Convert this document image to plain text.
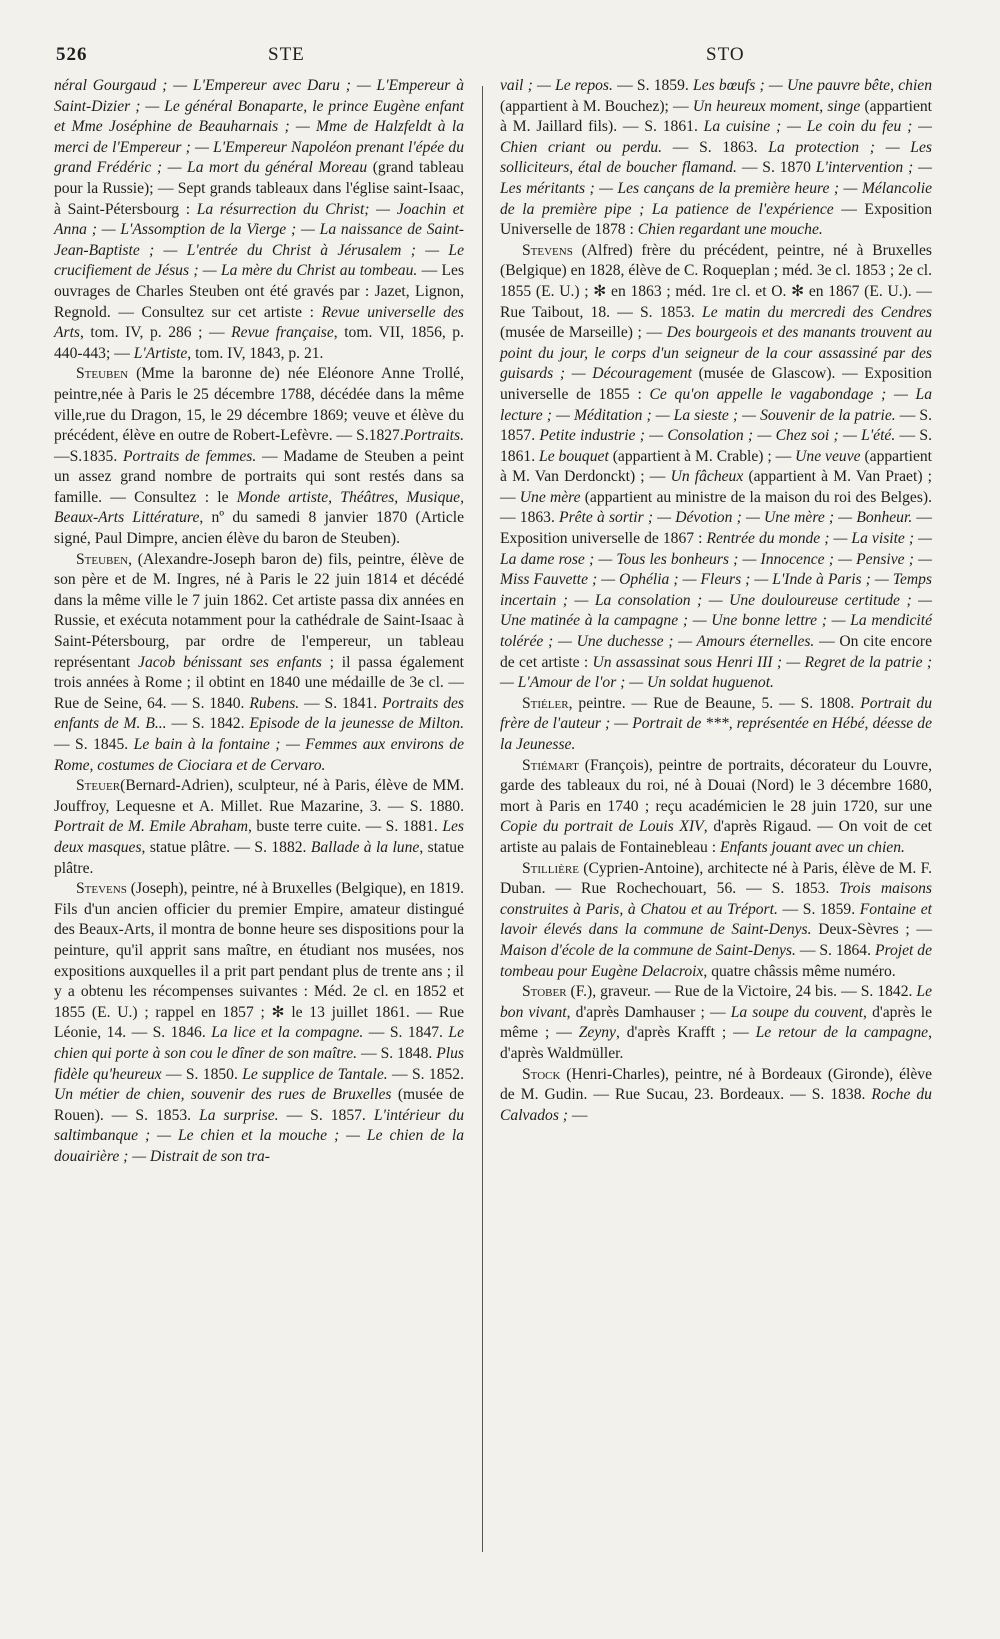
526	STE	STO

néral Gourgaud ; — L'Empereur avec Daru ; — L'Empereur à Saint-Dizier ; — Le général Bonaparte, le prince Eugène enfant et Mme Joséphine de Beauharnais ; — Mme de Halzfeldt à la merci de l'Empereur ; — L'Empereur Napoléon prenant l'épée du grand Frédéric ; — La mort du général Moreau (grand tableau pour la Russie); — Sept grands tableaux dans l'église saint-Isaac, à Saint-Pétersbourg : La résurrection du Christ; — Joachin et Anna ; — L'Assomption de la Vierge ; — La naissance de Saint-Jean-Baptiste ; — L'entrée du Christ à Jérusalem ; — Le crucifiement de Jésus ; — La mère du Christ au tombeau. — Les ouvrages de Charles Steuben ont été gravés par : Jazet, Lignon, Regnold. — Consultez sur cet artiste : Revue universelle des Arts, tom. IV, p. 286 ; — Revue française, tom. VII, 1856, p. 440-443; — L'Artiste, tom. IV, 1843, p. 21.

Steuben (Mme la baronne de) née Eléonore Anne Trollé, peintre,née à Paris le 25 décembre 1788, décédée dans la même ville,rue du Dragon, 15, le 29 décembre 1869; veuve et élève du précédent, élève en outre de Robert-Lefèvre. — S.1827.Portraits. —S.1835. Portraits de femmes. — Madame de Steuben a peint un assez grand nombre de portraits qui sont restés dans sa famille. — Consultez : le Monde artiste, Théâtres, Musique, Beaux-Arts Littérature, nº du samedi 8 janvier 1870 (Article signé, Paul Dimpre, ancien élève du baron de Steuben).

Steuben, (Alexandre-Joseph baron de) fils, peintre, élève de son père et de M. Ingres, né à Paris le 22 juin 1814 et décédé dans la même ville le 7 juin 1862. Cet artiste passa dix années en Russie, et exécuta notamment pour la cathédrale de Saint-Isaac à Saint-Pétersbourg, par ordre de l'empereur, un tableau représentant Jacob bénissant ses enfants ; il passa également trois années à Rome ; il obtint en 1840 une médaille de 3e cl. — Rue de Seine, 64. — S. 1840. Rubens. — S. 1841. Portraits des enfants de M. B... — S. 1842. Episode de la jeunesse de Milton. — S. 1845. Le bain à la fontaine ; — Femmes aux environs de Rome, costumes de Ciociara et de Cervaro.

Steuer(Bernard-Adrien), sculpteur, né à Paris, élève de MM. Jouffroy, Lequesne et A. Millet. Rue Mazarine, 3. — S. 1880. Portrait de M. Emile Abraham, buste terre cuite. — S. 1881. Les deux masques, statue plâtre. — S. 1882. Ballade à la lune, statue plâtre.

Stevens (Joseph), peintre, né à Bruxelles (Belgique), en 1819. Fils d'un ancien officier du premier Empire, amateur distingué des Beaux-Arts, il montra de bonne heure ses dispositions pour la peinture, qu'il apprit sans maître, en étudiant nos musées, nos expositions auxquelles il a prit part pendant plus de trente ans ; il y a obtenu les récompenses suivantes : Méd. 2e cl. en 1852 et 1855 (E. U.) ; rappel en 1857 ; ✻ le 13 juillet 1861. — Rue Léonie, 14. — S. 1846. La lice et la compagne. — S. 1847. Le chien qui porte à son cou le dîner de son maître. — S. 1848. Plus fidèle qu'heureux — S. 1850. Le supplice de Tantale. — S. 1852. Un métier de chien, souvenir des rues de Bruxelles (musée de Rouen). — S. 1853. La surprise. — S. 1857. L'intérieur du saltimbanque ; — Le chien et la mouche ; — Le chien de la douairière ; — Distrait de son tra-

vail ; — Le repos. — S. 1859. Les bœufs ; — Une pauvre bête, chien (appartient à M. Bouchez); — Un heureux moment, singe (appartient à M. Jaillard fils). — S. 1861. La cuisine ; — Le coin du feu ; — Chien criant ou perdu. — S. 1863. La protection ; — Les solliciteurs, étal de boucher flamand. — S. 1870 L'intervention ; — Les méritants ; — Les cançans de la première heure ; — Mélancolie de la première pipe ; La patience de l'expérience — Exposition Universelle de 1878 : Chien regardant une mouche.

Stevens (Alfred) frère du précédent, peintre, né à Bruxelles (Belgique) en 1828, élève de C. Roqueplan ; méd. 3e cl. 1853 ; 2e cl. 1855 (E. U.) ; ✻ en 1863 ; méd. 1re cl. et O. ✻ en 1867 (E. U.). — Rue Taibout, 18. — S. 1853. Le matin du mercredi des Cendres (musée de Marseille) ; — Des bourgeois et des manants trouvent au point du jour, le corps d'un seigneur de la cour assassiné par des guisards ; — Découragement (musée de Glascow). — Exposition universelle de 1855 : Ce qu'on appelle le vagabondage ; — La lecture ; — Méditation ; — La sieste ; — Souvenir de la patrie. — S. 1857. Petite industrie ; — Consolation ; — Chez soi ; — L'été. — S. 1861. Le bouquet (appartient à M. Crable) ; — Une veuve (appartient à M. Van Derdonckt) ; — Un fâcheux (appartient à M. Van Praet) ; — Une mère (appartient au ministre de la maison du roi des Belges). — 1863. Prête à sortir ; — Dévotion ; — Une mère ; — Bonheur. — Exposition universelle de 1867 : Rentrée du monde ; — La visite ; — La dame rose ; — Tous les bonheurs ; — Innocence ; — Pensive ; — Miss Fauvette ; — Ophélia ; — Fleurs ; — L'Inde à Paris ; — Temps incertain ; — La consolation ; — Une douloureuse certitude ; — Une matinée à la campagne ; — Une bonne lettre ; — La mendicité tolérée ; — Une duchesse ; — Amours éternelles. — On cite encore de cet artiste : Un assassinat sous Henri III ; — Regret de la patrie ; — L'Amour de l'or ; — Un soldat huguenot.

Stiéler, peintre. — Rue de Beaune, 5. — S. 1808. Portrait du frère de l'auteur ; — Portrait de ***, représentée en Hébé, déesse de la Jeunesse.

Stiémart (François), peintre de portraits, décorateur du Louvre, garde des tableaux du roi, né à Douai (Nord) le 3 décembre 1680, mort à Paris en 1740 ; reçu académicien le 28 juin 1720, sur une Copie du portrait de Louis XIV, d'après Rigaud. — On voit de cet artiste au palais de Fontainebleau : Enfants jouant avec un chien.

Stillière (Cyprien-Antoine), architecte né à Paris, élève de M. F. Duban. — Rue Rochechouart, 56. — S. 1853. Trois maisons construites à Paris, à Chatou et au Tréport. — S. 1859. Fontaine et lavoir élevés dans la commune de Saint-Denys. Deux-Sèvres ; — Maison d'école de la commune de Saint-Denys. — S. 1864. Projet de tombeau pour Eugène Delacroix, quatre châssis même numéro.

Stober (F.), graveur. — Rue de la Victoire, 24 bis. — S. 1842. Le bon vivant, d'après Damhauser ; — La soupe du couvent, d'après le même ; — Zeyny, d'après Krafft ; — Le retour de la campagne, d'après Waldmüller.

Stock (Henri-Charles), peintre, né à Bordeaux (Gironde), élève de M. Gudin. — Rue Sucau, 23. Bordeaux. — S. 1838. Roche du Calvados ; —
